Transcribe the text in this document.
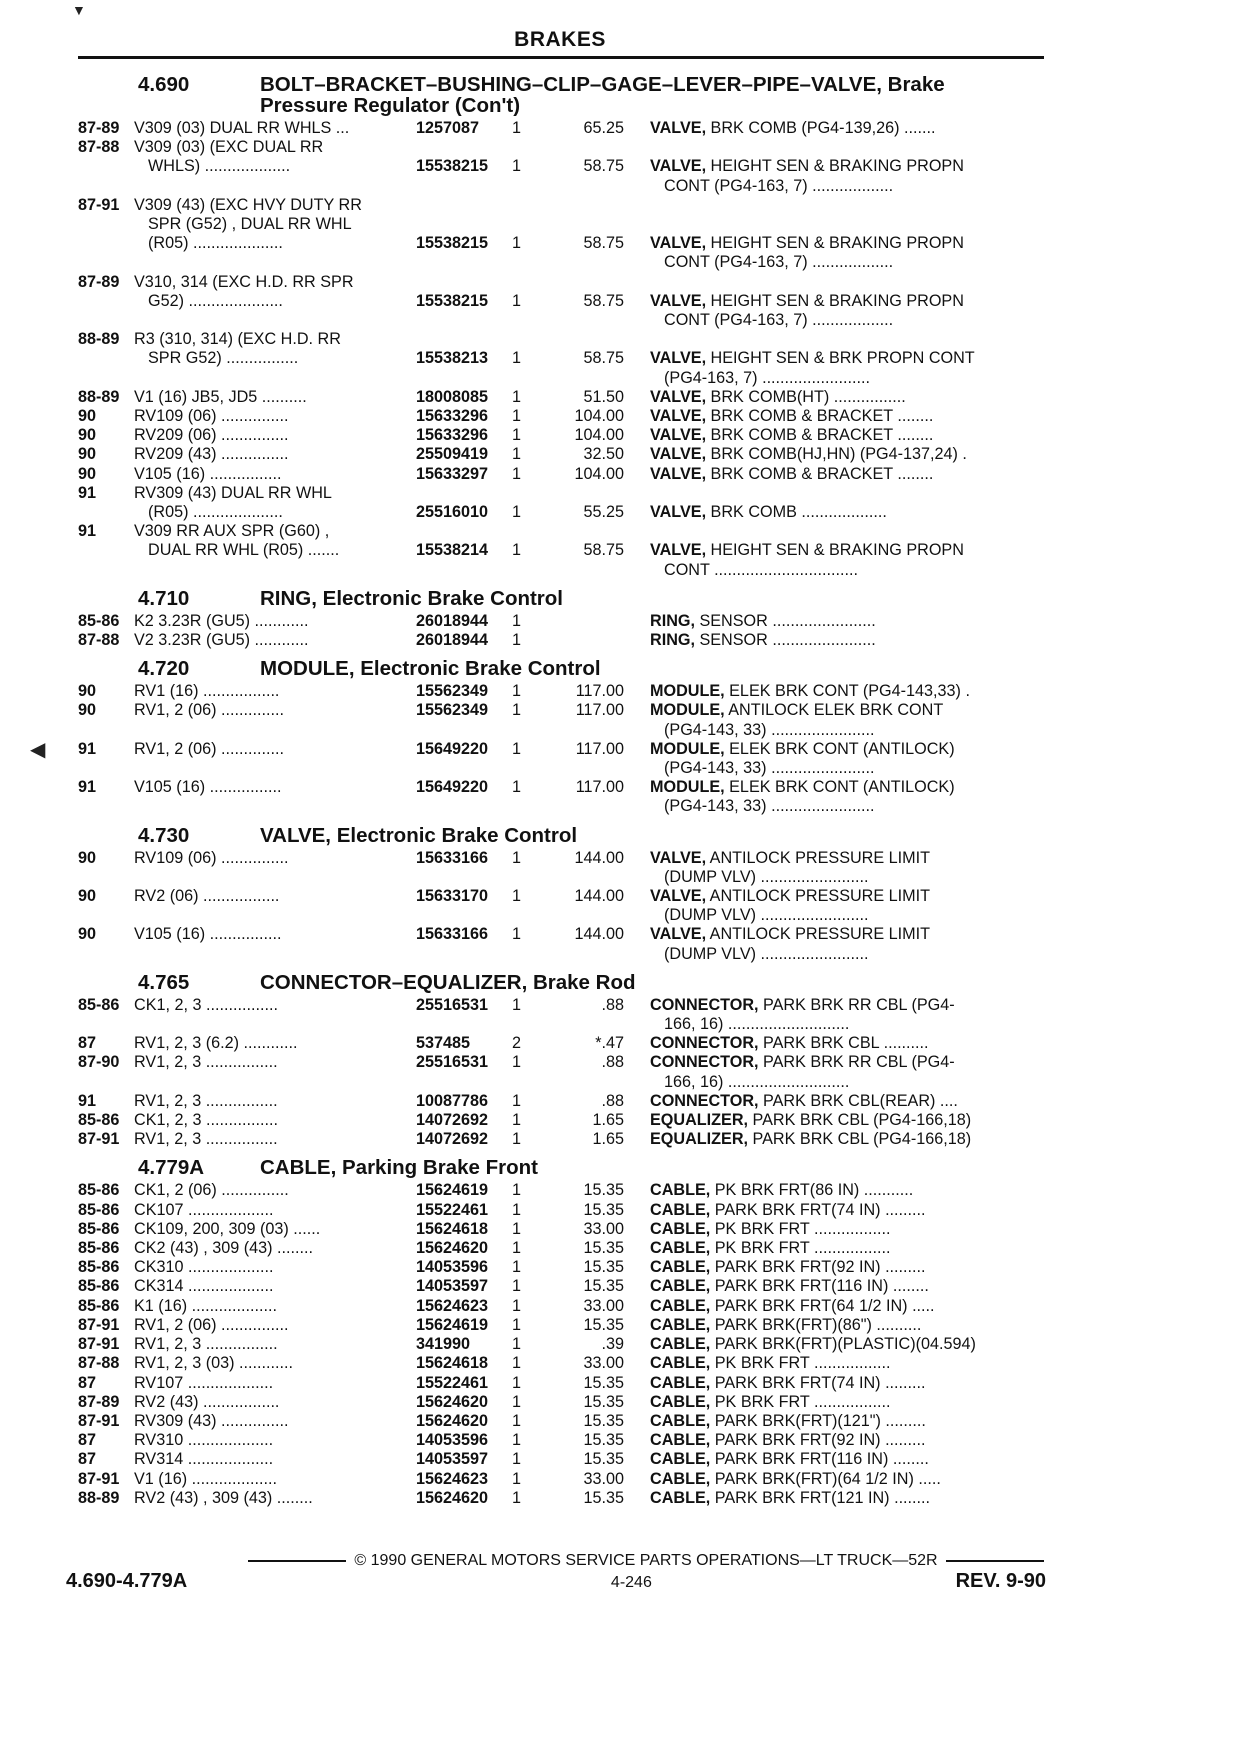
BRAKES
▼
◀
4.690	BOLT–BRACKET–BUSHING–CLIP–GAGE–LEVER–PIPE–VALVE, Brake
Pressure Regulator (Con't)
87-89 V309 (03) DUAL RR WHLS ...	1257087	1	65.25 VALVE, BRK COMB (PG4-139,26) .......
87-88 V309 (03) (EXC DUAL RR
WHLS) ...................	15538215	1	58.75 VALVE, HEIGHT SEN & BRAKING PROPN
CONT (PG4-163, 7) ..................
87-91 V309 (43) (EXC HVY DUTY RR
SPR (G52) , DUAL RR WHL
(R05) ....................	15538215	1	58.75 VALVE, HEIGHT SEN & BRAKING PROPN
CONT (PG4-163, 7) ..................
87-89 V310, 314 (EXC H.D. RR SPR
G52) .....................	15538215	1	58.75 VALVE, HEIGHT SEN & BRAKING PROPN
CONT (PG4-163, 7) ..................
88-89 R3 (310, 314) (EXC H.D. RR
SPR G52) ................	15538213	1	58.75 VALVE, HEIGHT SEN & BRK PROPN CONT
(PG4-163, 7) ........................
88-89 V1 (16) JB5, JD5 ..........	18008085	1	51.50 VALVE, BRK COMB(HT) ................
90	RV109 (06) ...............	15633296	1	104.00 VALVE, BRK COMB & BRACKET ........
90	RV209 (06) ...............	15633296	1	104.00 VALVE, BRK COMB & BRACKET ........
90	RV209 (43) ...............	25509419	1	32.50 VALVE, BRK COMB(HJ,HN) (PG4-137,24) .
90	V105 (16) ................	15633297	1	104.00 VALVE, BRK COMB & BRACKET ........
91	RV309 (43) DUAL RR WHL
(R05) ....................	25516010	1	55.25 VALVE, BRK COMB ...................
91	V309 RR AUX SPR (G60) ,
DUAL RR WHL (R05) .......	15538214	1	58.75 VALVE, HEIGHT SEN & BRAKING PROPN
CONT ................................
4.710	RING, Electronic Brake Control
85-86 K2 3.23R (GU5) ............	26018944	1	RING, SENSOR .......................
87-88 V2 3.23R (GU5) ............	26018944	1	RING, SENSOR .......................
4.720	MODULE, Electronic Brake Control
90	RV1 (16) .................	15562349	1	117.00 MODULE, ELEK BRK CONT (PG4-143,33) .
90	RV1, 2 (06) ..............	15562349	1	117.00 MODULE, ANTILOCK ELEK BRK CONT
(PG4-143, 33) .......................
91	RV1, 2 (06) ..............	15649220	1	117.00 MODULE, ELEK BRK CONT (ANTILOCK)
(PG4-143, 33) .......................
91	V105 (16) ................	15649220	1	117.00 MODULE, ELEK BRK CONT (ANTILOCK)
(PG4-143, 33) .......................
4.730	VALVE, Electronic Brake Control
90	RV109 (06) ...............	15633166	1	144.00 VALVE, ANTILOCK PRESSURE LIMIT
(DUMP VLV) ........................
90	RV2 (06) .................	15633170	1	144.00 VALVE, ANTILOCK PRESSURE LIMIT
(DUMP VLV) ........................
90	V105 (16) ................	15633166	1	144.00 VALVE, ANTILOCK PRESSURE LIMIT
(DUMP VLV) ........................
4.765	CONNECTOR–EQUALIZER, Brake Rod
85-86 CK1, 2, 3 ................	25516531	1	.88 CONNECTOR, PARK BRK RR CBL (PG4-
166, 16) ...........................
87	RV1, 2, 3 (6.2) ............	537485	2	*.47 CONNECTOR, PARK BRK CBL ..........
87-90 RV1, 2, 3 ................	25516531	1	.88 CONNECTOR, PARK BRK RR CBL (PG4-
166, 16) ...........................
91	RV1, 2, 3 ................	10087786	1	.88 CONNECTOR, PARK BRK CBL(REAR) ....
85-86 CK1, 2, 3 ................	14072692	1	1.65 EQUALIZER, PARK BRK CBL (PG4-166,18)
87-91 RV1, 2, 3 ................	14072692	1	1.65 EQUALIZER, PARK BRK CBL (PG4-166,18)
4.779A	CABLE, Parking Brake Front
85-86 CK1, 2 (06) ...............	15624619	1	15.35 CABLE, PK BRK FRT(86 IN) ...........
85-86 CK107 ...................	15522461	1	15.35 CABLE, PARK BRK FRT(74 IN) .........
85-86 CK109, 200, 309 (03) ......	15624618	1	33.00 CABLE, PK BRK FRT .................
85-86 CK2 (43) , 309 (43) ........	15624620	1	15.35 CABLE, PK BRK FRT .................
85-86 CK310 ...................	14053596	1	15.35 CABLE, PARK BRK FRT(92 IN) .........
85-86 CK314 ...................	14053597	1	15.35 CABLE, PARK BRK FRT(116 IN) ........
85-86 K1 (16) ...................	15624623	1	33.00 CABLE, PARK BRK FRT(64 1/2 IN) .....
87-91 RV1, 2 (06) ...............	15624619	1	15.35 CABLE, PARK BRK(FRT)(86") ..........
87-91 RV1, 2, 3 ................	341990	1	.39 CABLE, PARK BRK(FRT)(PLASTIC)(04.594)
87-88 RV1, 2, 3 (03) ............	15624618	1	33.00 CABLE, PK BRK FRT .................
87	RV107 ...................	15522461	1	15.35 CABLE, PARK BRK FRT(74 IN) .........
87-89 RV2 (43) .................	15624620	1	15.35 CABLE, PK BRK FRT .................
87-91 RV309 (43) ...............	15624620	1	15.35 CABLE, PARK BRK(FRT)(121") .........
87	RV310 ...................	14053596	1	15.35 CABLE, PARK BRK FRT(92 IN) .........
87	RV314 ...................	14053597	1	15.35 CABLE, PARK BRK FRT(116 IN) ........
87-91 V1 (16) ...................	15624623	1	33.00 CABLE, PARK BRK(FRT)(64 1/2 IN) .....
88-89 RV2 (43) , 309 (43) ........	15624620	1	15.35 CABLE, PARK BRK FRT(121 IN) ........
© 1990 GENERAL MOTORS SERVICE PARTS OPERATIONS—LT TRUCK—52R
4.690-4.779A	4-246	REV. 9-90
